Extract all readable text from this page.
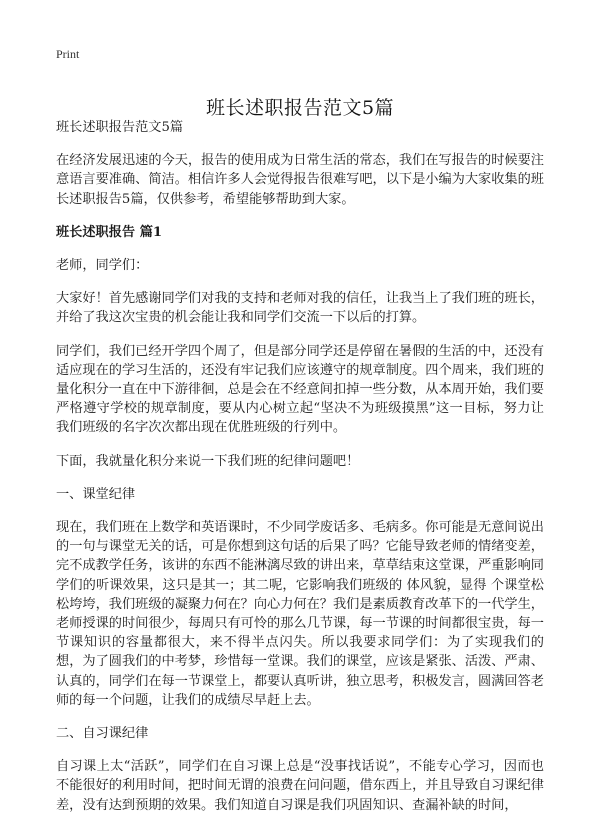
Print
班长述职报告范文5篇

班长述职报告范文5篇

在经济发展迅速的今天，报告的使用成为日常生活的常态，我们在写报告的时候要注意语言要准确、简洁。相信许多人会觉得报告很难写吧，以下是小编为大家收集的班长述职报告5篇，仅供参考，希望能够帮助到大家。

班长述职报告 篇1

老师，同学们：

大家好！首先感谢同学们对我的支持和老师对我的信任，让我当上了我们班的班长，并给了我这次宝贵的机会能让我和同学们交流一下以后的打算。

同学们，我们已经开学四个周了，但是部分同学还是停留在暑假的生活的中，还没有适应现在的学习生活的，还没有牢记我们应该遵守的规章制度。四个周来，我们班的量化积分一直在中下游徘徊，总是会在不经意间扣掉一些分数，从本周开始，我们要严格遵守学校的规章制度，要从内心树立起“坚决不为班级摸黑”这一目标，努力让我们班级的名字次次都出现在优胜班级的行列中。

下面，我就量化积分来说一下我们班的纪律问题吧！

一、课堂纪律

现在，我们班在上数学和英语课时，不少同学废话多、毛病多。你可能是无意间说出的一句与课堂无关的话，可是你想到这句话的后果了吗？它能导致老师的情绪变差，完不成教学任务，该讲的东西不能淋漓尽致的讲出来，草草结束这堂课，严重影响同学们的听课效果，这只是其一；其二呢，它影响我们班级的 体风貌，显得 个课堂松松垮垮，我们班级的凝聚力何在？向心力何在？我们是素质教育改革下的一代学生，老师授课的时间很少，每周只有可怜的那么几节课，每一节课的时间都很宝贵，每一节课知识的容量都很大，来不得半点闪失。所以我要求同学们：为了实现我们的 想，为了圆我们的中考梦，珍惜每一堂课。我们的课堂，应该是紧张、活泼、严肃、认真的，同学们在每一节课堂上，都要认真听讲，独立思考，积极发言，圆满回答老师的每一个问题，让我们的成绩尽早赶上去。

二、自习课纪律

自习课上太“活跃”，同学们在自习课上总是“没事找话说”，不能专心学习，因而也不能很好的利用时间，把时间无谓的浪费在问问题，借东西上，并且导致自习课纪律差，没有达到预期的效果。我们知道自习课是我们巩固知识、查漏补缺的时间，
